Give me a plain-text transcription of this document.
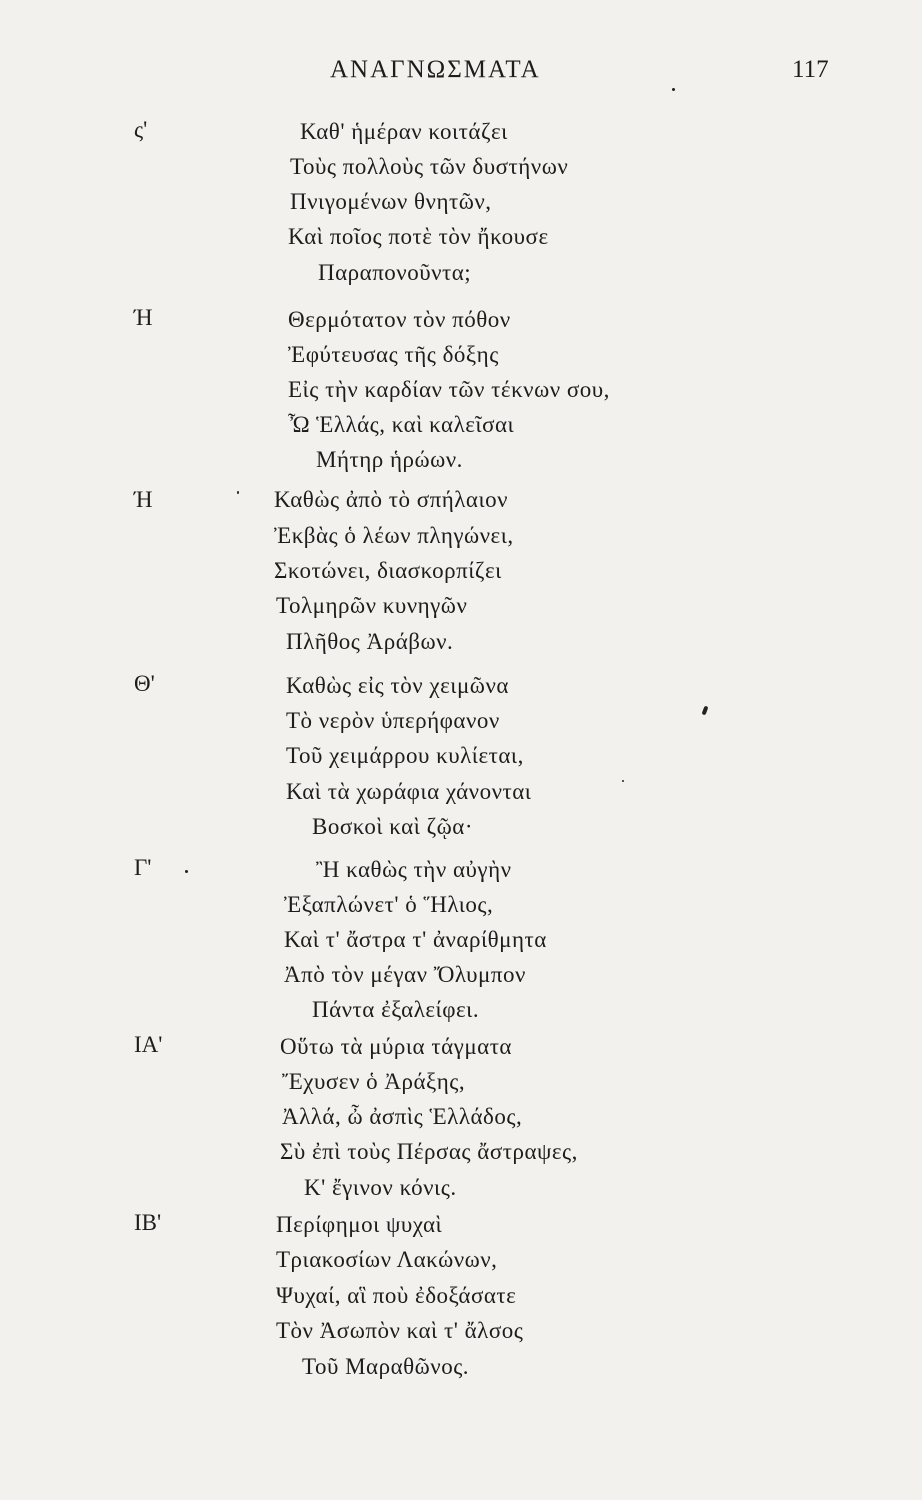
ΑΝΑΓΝΩΣΜΑΤΑ	117
ς'	Καθ' ἡμέραν κοιτάζει
Τοὺς πολλοὺς τῶν δυστήνων
Πνιγομένων θνητῶν,
Καὶ ποῖος ποτὲ τὸν ἤκουσε
Παραπονοῦντα;
Ή	Θερμότατον τὸν πόθον
Ἐφύτευσας τῆς δόξης
Εἰς τὴν καρδίαν τῶν τέκνων σου,
Ὦ Ἑλλάς, καὶ καλεῖσαι
Μήτηρ ἡρώων.
Ή	Καθὼς ἀπὸ τὸ σπήλαιον
Ἐκβὰς ὁ λέων πληγώνει,
Σκοτώνει, διασκορπίζει
Τολμηρῶν κυνηγῶν
Πλῆθος Ἀράβων.
Θ'	Καθὼς εἰς τὸν χειμῶνα
Τὸ νερὸν ὑπερήφανον
Τοῦ χειμάρρου κυλίεται,
Καὶ τὰ χωράφια χάνονται
Βοσκοὶ καὶ ζῷα·
Γ'	Ἢ καθὼς τὴν αὐγὴν
Ἐξαπλώνετ' ὁ Ἥλιος,
Καὶ τ' ἄστρα τ' ἀναρίθμητα
Ἀπὸ τὸν μέγαν Ὄλυμπον
Πάντα ἐξαλείφει.
ΙΑ'	Οὕτω τὰ μύρια τάγματα
Ἔχυσεν ὁ Ἀράξης,
Ἀλλά, ὦ ἀσπὶς Ἑλλάδος,
Σὺ ἐπὶ τοὺς Πέρσας ἄστραψες,
Κ' ἔγινον κόνις.
ΙΒ'	Περίφημοι ψυχαὶ
Τριακοσίων Λακώνων,
Ψυχαί, αἳ ποὺ ἐδοξάσατε
Τὸν Ἀσωπὸν καὶ τ' ἄλσος
Τοῦ Μαραθῶνος.
